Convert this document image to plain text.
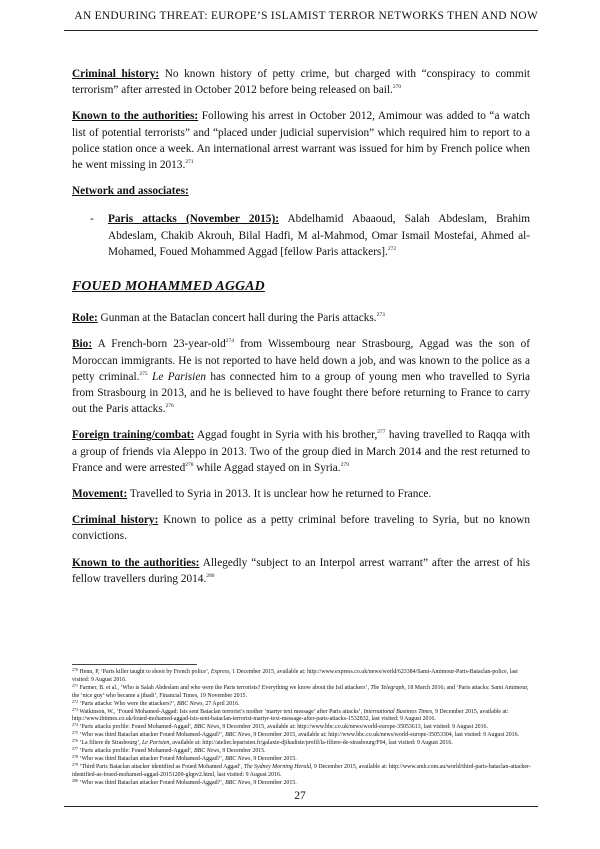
AN ENDURING THREAT: EUROPE’S ISLAMIST TERROR NETWORKS THEN AND NOW

Criminal history: No known history of petty crime, but charged with “conspiracy to commit terrorism” after arrested in October 2012 before being released on bail.$^{270}$

Known to the authorities: Following his arrest in October 2012, Amimour was added to “a watch list of potential terrorists” and “placed under judicial supervision” which required him to report to a police station once a week. An international arrest warrant was issued for him by French police when he went missing in 2013.$^{271}$

Network and associates:

- Paris attacks (November 2015): Abdelhamid Abaaoud, Salah Abdeslam, Brahim Abdeslam, Chakib Akrouh, Bilal Hadfi, M al-Mahmod, Omar Ismail Mostefai, Ahmed al-Mohamed, Foued Mohammed Aggad [fellow Paris attackers].$^{272}$
FOUED MOHAMMED AGGAD

Role: Gunman at the Bataclan concert hall during the Paris attacks.$^{273}$

Bio: A French-born 23-year-old$^{274}$ from Wissembourg near Strasbourg, Aggad was the son of Moroccan immigrants. He is not reported to have held down a job, and was known to the police as a petty criminal.$^{275}$ Le Parisien has connected him to a group of young men who travelled to Syria from Strasbourg in 2013, and he is believed to have fought there before returning to France to carry out the Paris attacks.$^{276}$

Foreign training/combat: Aggad fought in Syria with his brother,$^{277}$ having travelled to Raqqa with a group of friends via Aleppo in 2013. Two of the group died in March 2014 and the rest returned to France and were arrested$^{278}$ while Aggad stayed on in Syria.$^{279}$

Movement: Travelled to Syria in 2013. It is unclear how he returned to France.

Criminal history: Known to police as a petty criminal before traveling to Syria, but no known convictions.

Known to the authorities: Allegedly “subject to an Interpol arrest warrant” after the arrest of his fellow travellers during 2014.$^{280}$

$^{270}$ Henn, P, ‘Paris killer taught to shoot by French police’, Express, 1 December 2015, available at: http://www.express.co.uk/news/world/623384/Sami-Amimour-Paris-Bataclan-police, last visited: 9 August 2016.

$^{271}$ Farmer, B. et al., ‘Who is Salah Abdeslam and who were the Paris terrorists? Everything we know about the Isil attackers’, The Telegraph, 18 March 2016; and ‘Paris attacks: Sami Amimour, the ‘nice guy’ who became a jihadi’, Financial Times, 19 November 2015.

$^{272}$ ‘Paris attacks: Who were the attackers?’, BBC News, 27 April 2016.

$^{273}$ Watkinson, W., ‘Foued Mohamed-Aggad: Isis sent Bataclan terrorist’s mother ‘martyr text message’ after Paris attacks’, International Business Times, 9 December 2015, available at: http://www.ibtimes.co.uk/foued-mohamed-aggad-isis-sent-bataclan-terrorist-martyr-text-message-after-paris-attacks-1532832, last visited: 9 August 2016.

$^{274}$ ‘Paris attacks profile: Foued Mohamed-Aggad’, BBC News, 9 December 2015, available at: http://www.bbc.co.uk/news/world-europe-35053613, last visited: 9 August 2016.

$^{275}$ ‘Who was third Bataclan attacker Foued Mohamed-Aggad?’, BBC News, 9 December 2015, available at: http://www.bbc.co.uk/news/world-europe-35053304, last visited: 9 August 2016.

$^{276}$ ‘La filiere de Strasbourg’, Le Parisien, available at: http://atelier.leparisien.fr/galaxie-djihadiste/profil/la-filiere-de-strasbourg/F04, last visited: 9 August 2016.

$^{277}$ ‘Paris attacks profile: Foued Mohamed-Aggad’, BBC News, 9 December 2015.

$^{278}$ ‘Who was third Bataclan attacker Foued Mohamed-Aggad?’, BBC News, 9 December 2015.

$^{279}$ ‘Third Paris Bataclan attacker identified as Foued Mohamed Aggad’, The Sydney Morning Herald, 9 December 2015, available at: http://www.smh.com.au/world/third-paris-bataclan-attacker-identified-as-foued-mohamed-aggad-20151209-glqpv2.html, last visited: 9 August 2016.

$^{280}$ ‘Who was third Bataclan attacker Foued Mohamed-Aggad?’, BBC News, 9 December 2015.

27
